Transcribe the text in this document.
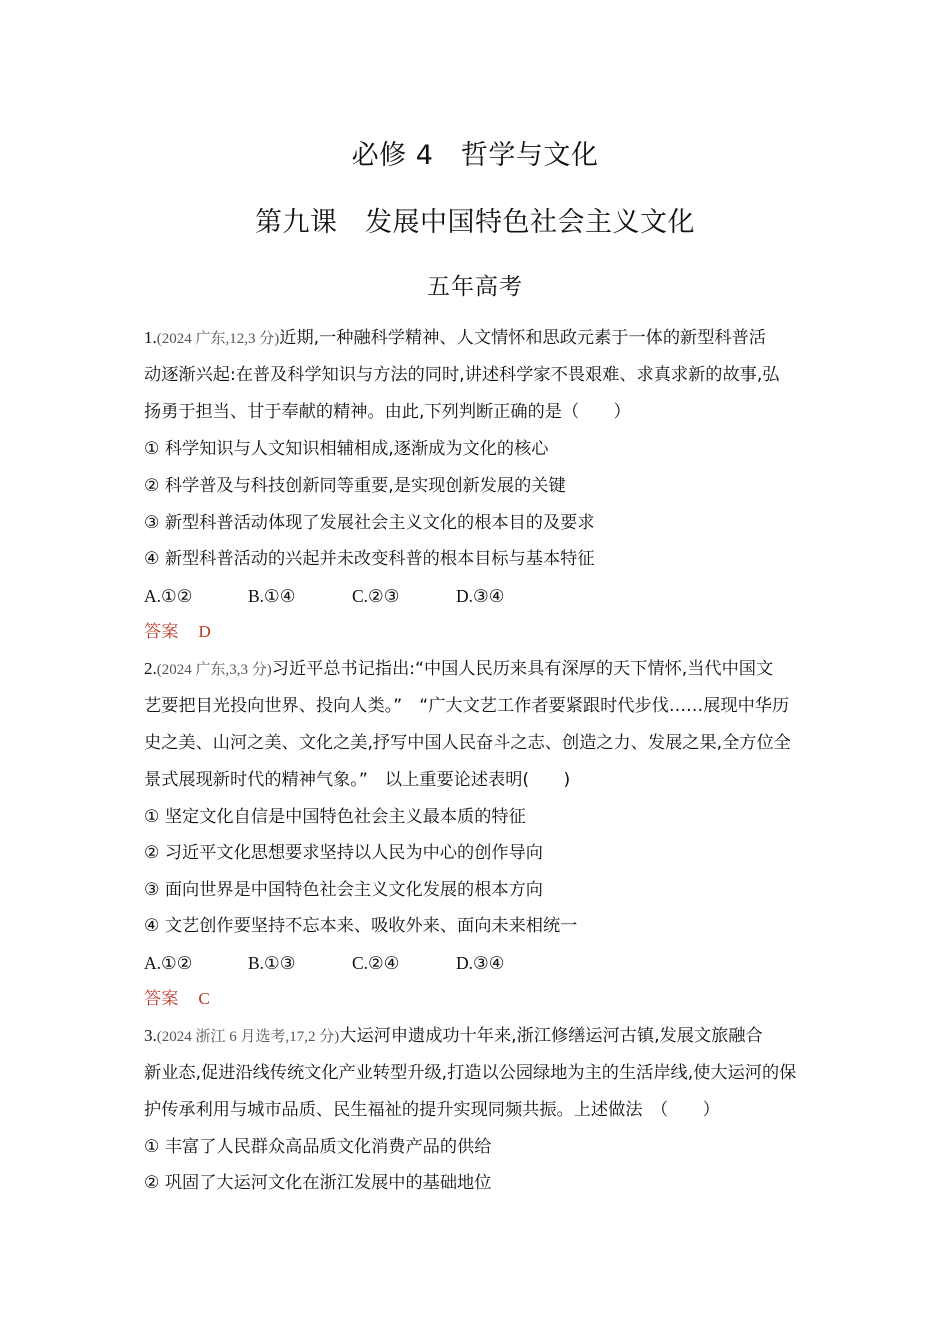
必修 4　哲学与文化
第九课　发展中国特色社会主义文化
五年高考
1.(2024 广东,12,3 分)近期,一种融科学精神、人文情怀和思政元素于一体的新型科普活
动逐渐兴起:在普及科学知识与方法的同时,讲述科学家不畏艰难、求真求新的故事,弘
扬勇于担当、甘于奉献的精神。由此,下列判断正确的是（　　）
① 科学知识与人文知识相辅相成,逐渐成为文化的核心
② 科学普及与科技创新同等重要,是实现创新发展的关键
③ 新型科普活动体现了发展社会主义文化的根本目的及要求
④ 新型科普活动的兴起并未改变科普的根本目标与基本特征
A.①②	B.①④	C.②③	D.③④
答案 D
2.(2024 广东,3,3 分)习近平总书记指出:“中国人民历来具有深厚的天下情怀,当代中国文
艺要把目光投向世界、投向人类。”　“广大文艺工作者要紧跟时代步伐……展现中华历
史之美、山河之美、文化之美,抒写中国人民奋斗之志、创造之力、发展之果,全方位全
景式展现新时代的精神气象。”　以上重要论述表明(　　)
① 坚定文化自信是中国特色社会主义最本质的特征
② 习近平文化思想要求坚持以人民为中心的创作导向
③ 面向世界是中国特色社会主义文化发展的根本方向
④ 文艺创作要坚持不忘本来、吸收外来、面向未来相统一
A.①②	B.①③	C.②④	D.③④
答案 C
3.(2024 浙江 6 月选考,17,2 分)大运河申遗成功十年来,浙江修缮运河古镇,发展文旅融合
新业态,促进沿线传统文化产业转型升级,打造以公园绿地为主的生活岸线,使大运河的保
护传承利用与城市品质、民生福祉的提升实现同频共振。上述做法　（　　）
① 丰富了人民群众高品质文化消费产品的供给
② 巩固了大运河文化在浙江发展中的基础地位
